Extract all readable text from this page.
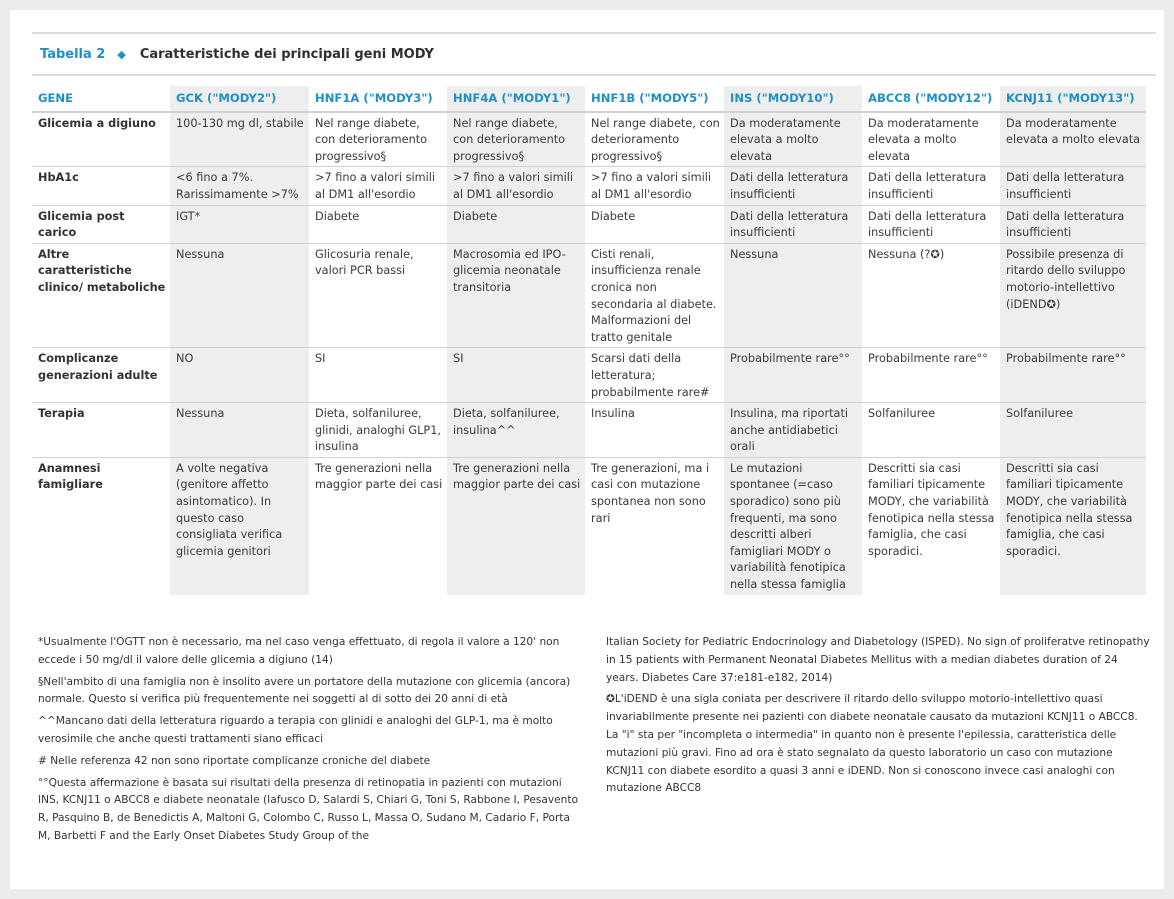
Tabella 2 ◆ Caratteristiche dei principali geni MODY
GENE	GCK ("MODY2")	HNF1A ("MODY3")	HNF4A ("MODY1")	HNF1B ("MODY5")	INS ("MODY10")	ABCC8 ("MODY12")	KCNJ11 ("MODY13")
Glicemia a digiuno	100-130 mg dl, stabile	Nel range diabete, con deterioramento progressivo§	Nel range diabete, con deterioramento progressivo§	Nel range diabete, con deterioramento progressivo§	Da moderatamente elevata a molto elevata	Da moderatamente elevata a molto elevata	Da moderatamente elevata a molto elevata
HbA1c	<6 fino a 7%. Rarissimamente >7%	>7 fino a valori simili al DM1 all'esordio	>7 fino a valori simili al DM1 all'esordio	>7 fino a valori simili al DM1 all'esordio	Dati della letteratura insufficienti	Dati della letteratura insufficienti	Dati della letteratura insufficienti
Glicemia post carico	IGT*	Diabete	Diabete	Diabete	Dati della letteratura insufficienti	Dati della letteratura insufficienti	Dati della letteratura insufficienti
Altre caratteristiche clinico/ metaboliche	Nessuna	Glicosuria renale, valori PCR bassi	Macrosomia ed IPO-glicemia neonatale transitoria	Cisti renali, insufficienza renale cronica non secondaria al diabete. Malformazioni del tratto genitale	Nessuna	Nessuna (?✪)	Possibile presenza di ritardo dello sviluppo motorio-intellettivo (iDEND✪)
Complicanze generazioni adulte	NO	SI	SI	Scarsi dati della letteratura; probabilmente rare#	Probabilmente rare°°	Probabilmente rare°°	Probabilmente rare°°
Terapia	Nessuna	Dieta, solfaniluree, glinidi, analoghi GLP1, insulina	Dieta, solfaniluree, insulina^^	Insulina	Insulina, ma riportati anche antidiabetici orali	Solfaniluree	Solfaniluree
Anamnesi famigliare	A volte negativa (genitore affetto asintomatico). In questo caso consigliata verifica glicemia genitori	Tre generazioni nella maggior parte dei casi	Tre generazioni nella maggior parte dei casi	Tre generazioni, ma i casi con mutazione spontanea non sono rari	Le mutazioni spontanee (=caso sporadico) sono più frequenti, ma sono descritti alberi famigliari MODY o variabilità fenotipica nella stessa famiglia	Descritti sia casi familiari tipicamente MODY, che variabilità fenotipica nella stessa famiglia, che casi sporadici.	Descritti sia casi familiari tipicamente MODY, che variabilità fenotipica nella stessa famiglia, che casi sporadici.

*Usualmente l'OGTT non è necessario, ma nel caso venga effettuato, di regola il valore a 120' non eccede i 50 mg/dl il valore delle glicemia a digiuno (14)

§Nell'ambito di una famiglia non è insolito avere un portatore della mutazione con glicemia (ancora) normale. Questo si verifica più frequentemente nei soggetti al di sotto dei 20 anni di età

^^Mancano dati della letteratura riguardo a terapia con glinidi e analoghi del GLP-1, ma è molto verosimile che anche questi trattamenti siano efficaci

# Nelle referenza 42 non sono riportate complicanze croniche del diabete

°°Questa affermazione è basata sui risultati della presenza di retinopatia in pazienti con mutazioni INS, KCNJ11 o ABCC8 e diabete neonatale (Iafusco D, Salardi S, Chiari G, Toni S, Rabbone I, Pesavento R, Pasquino B, de Benedictis A, Maltoni G, Colombo C, Russo L, Massa O, Sudano M, Cadario F, Porta M, Barbetti F and the Early Onset Diabetes Study Group of the

Italian Society for Pediatric Endocrinology and Diabetology (ISPED). No sign of proliferatve retinopathy in 15 patients with Permanent Neonatal Diabetes Mellitus with a median diabetes duration of 24 years. Diabetes Care 37:e181-e182, 2014)

✪L'iDEND è una sigla coniata per descrivere il ritardo dello sviluppo motorio-intellettivo quasi invariabilmente presente nei pazienti con diabete neonatale causato da mutazioni KCNJ11 o ABCC8. La "i" sta per "incompleta o intermedia" in quanto non è presente l'epilessia, caratteristica delle mutazioni più gravi. Fino ad ora è stato segnalato da questo laboratorio un caso con mutazione KCNJ11 con diabete esordito a quasi 3 anni e iDEND. Non si conoscono invece casi analoghi con mutazione ABCC8
